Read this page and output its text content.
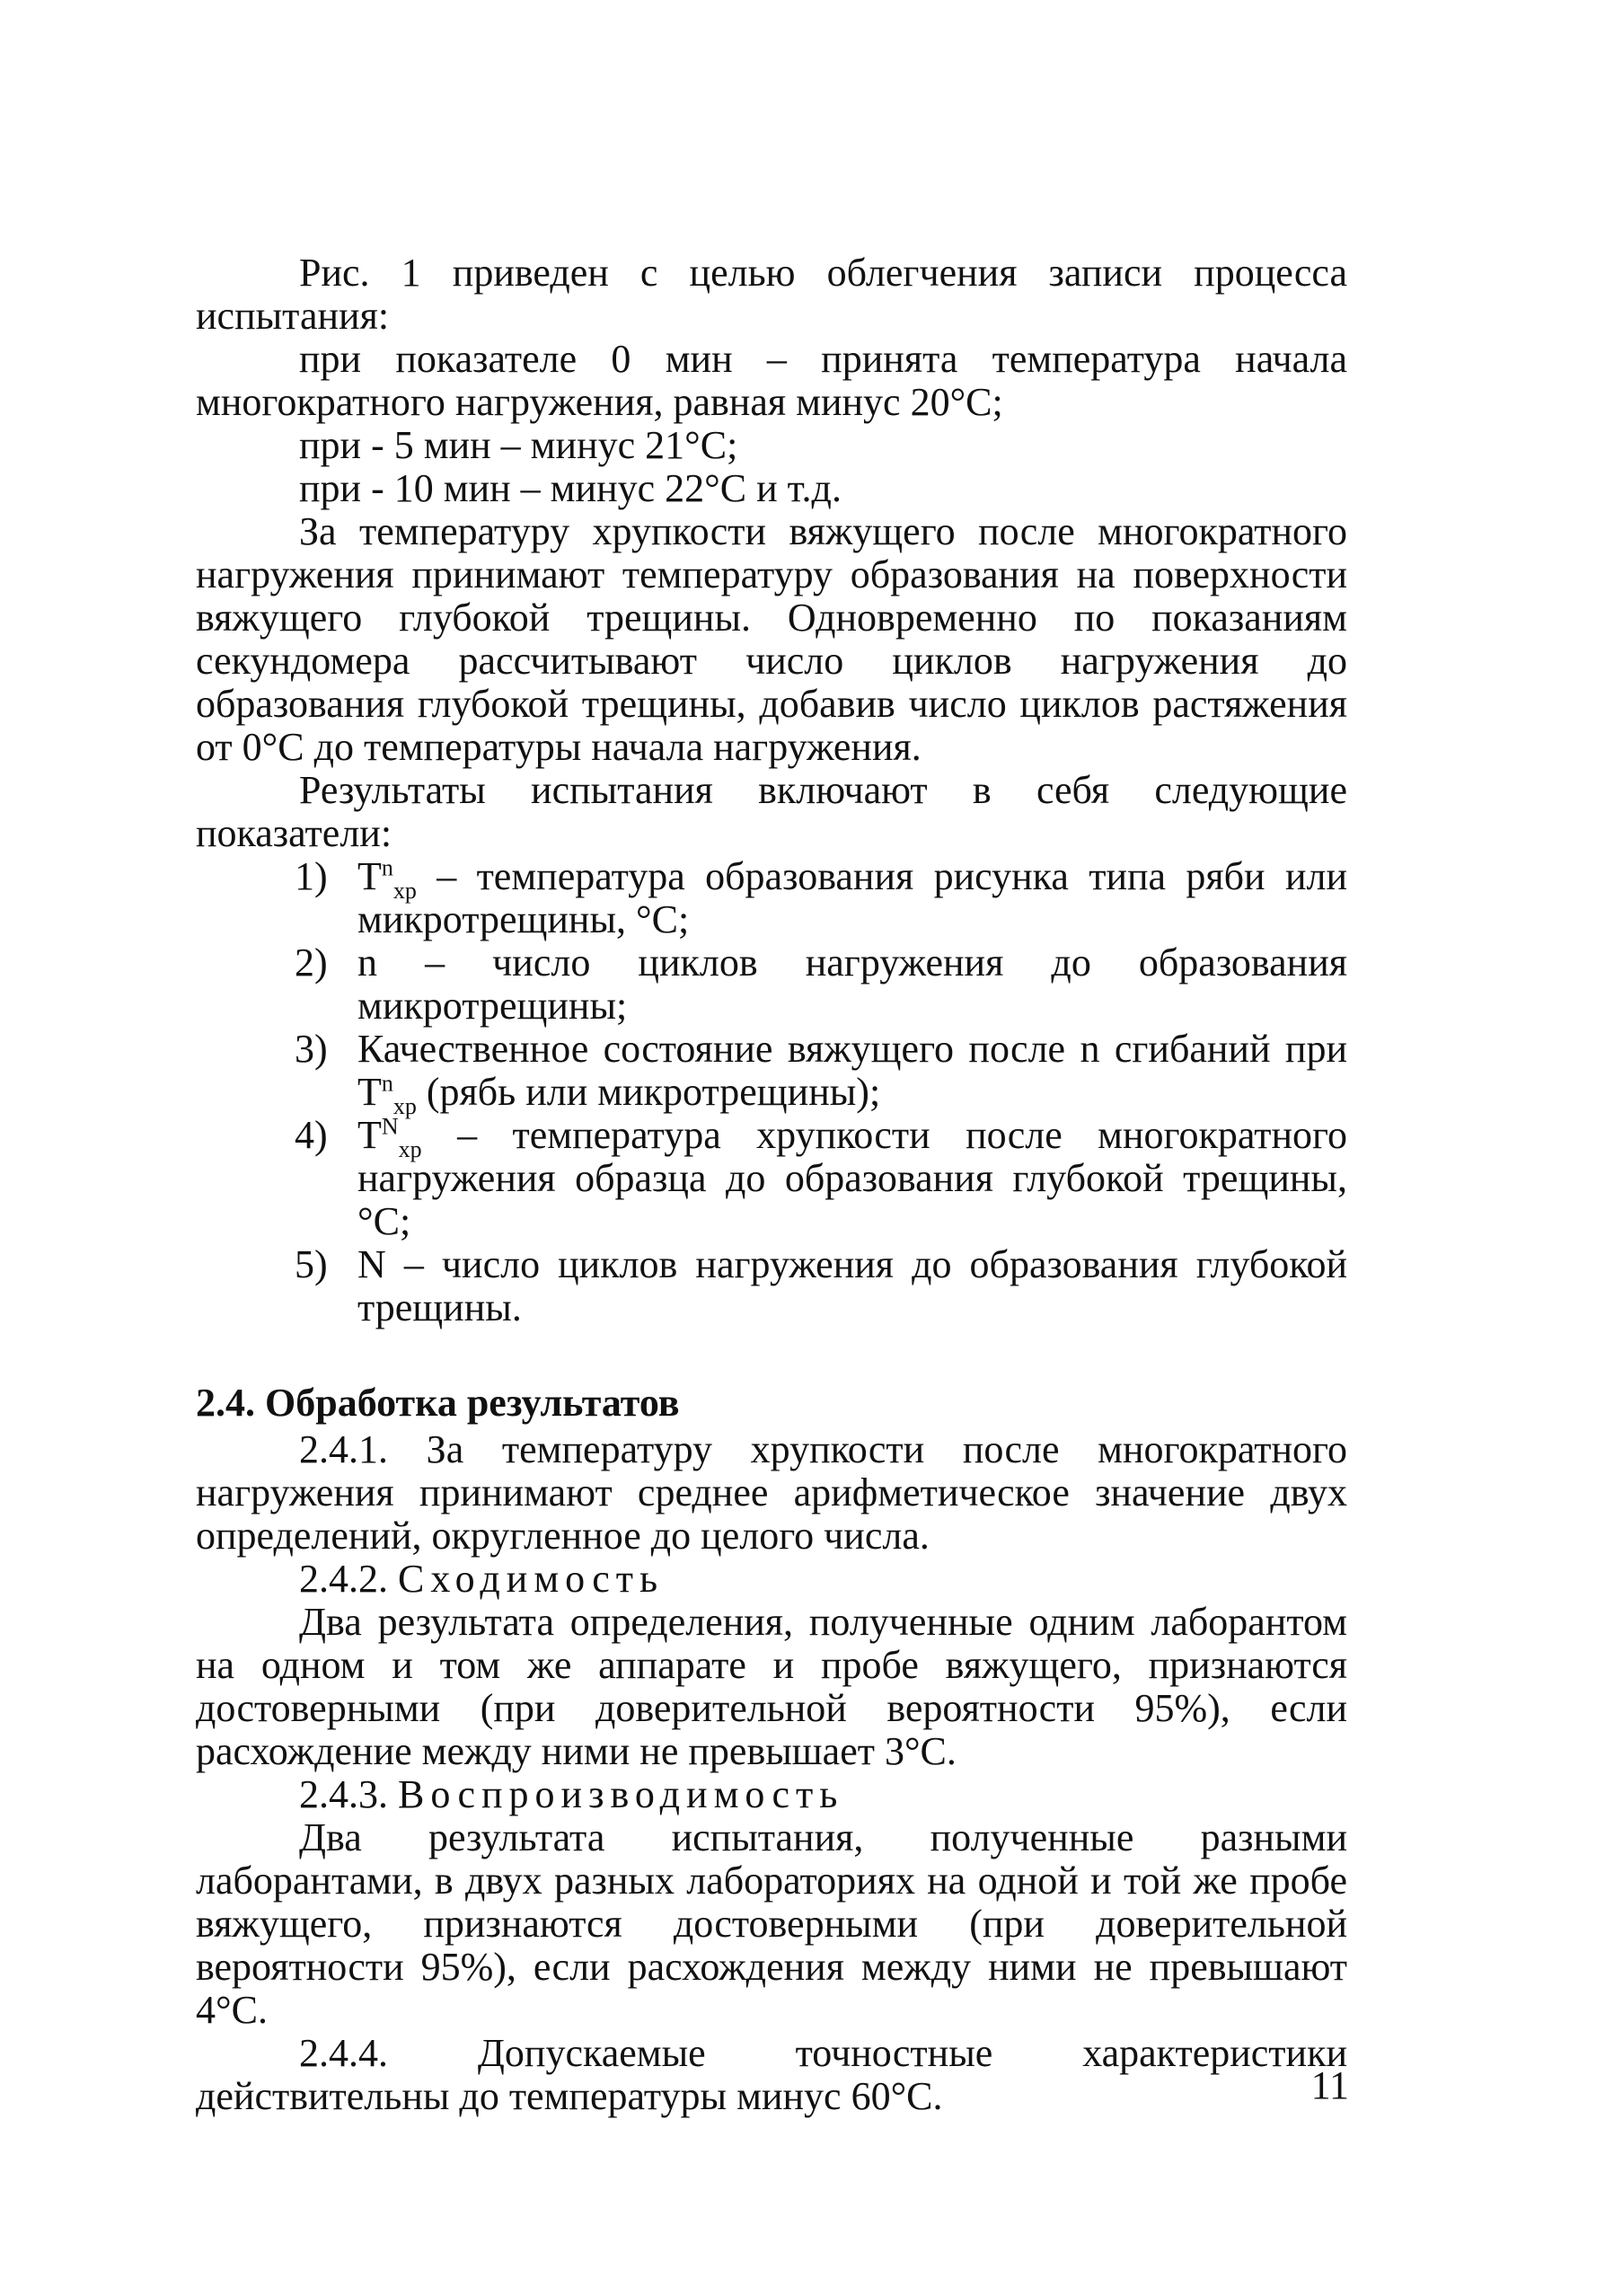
Рис. 1 приведен с целью облегчения записи процесса испытания:

при показателе 0 мин – принята температура начала многократного нагружения, равная минус 20°С;

при - 5 мин – минус 21°С;

при - 10 мин – минус 22°С и т.д.

За температуру хрупкости вяжущего после многократного нагружения принимают температуру образования на поверхности вяжущего глубокой трещины. Одновременно по показаниям секундомера рассчитывают число циклов нагружения до образования глубокой трещины, добавив число циклов растяжения от 0°С до температуры начала нагружения.

Результаты испытания включают в себя следующие показатели:

1) $Т^n_{хр}$ – температура образования рисунка типа ряби или микротрещины, °С;
2) n – число циклов нагружения до образования микротрещины;
3) Качественное состояние вяжущего после n сгибаний при $Т^n_{хр}$ (рябь или микротрещины);
4) $Т^N_{хр}$ – температура хрупкости после многократного нагружения образца до образования глубокой трещины, °С;
5) N – число циклов нагружения до образования глубокой трещины.

2.4. Обработка результатов

2.4.1. За температуру хрупкости после многократного нагружения принимают среднее арифметическое значение двух определений, округленное до целого числа.

2.4.2. Сходимость

Два результата определения, полученные одним лаборантом на одном и том же аппарате и пробе вяжущего, признаются достоверными (при доверительной вероятности 95%), если расхождение между ними не превышает 3°С.

2.4.3. Воспроизводимость

Два результата испытания, полученные разными лаборантами, в двух разных лабораториях на одной и той же пробе вяжущего, признаются достоверными (при доверительной вероятности 95%), если расхождения между ними не превышают 4°С.

2.4.4. Допускаемые точностные характеристики действительны до температуры минус 60°С.	11
